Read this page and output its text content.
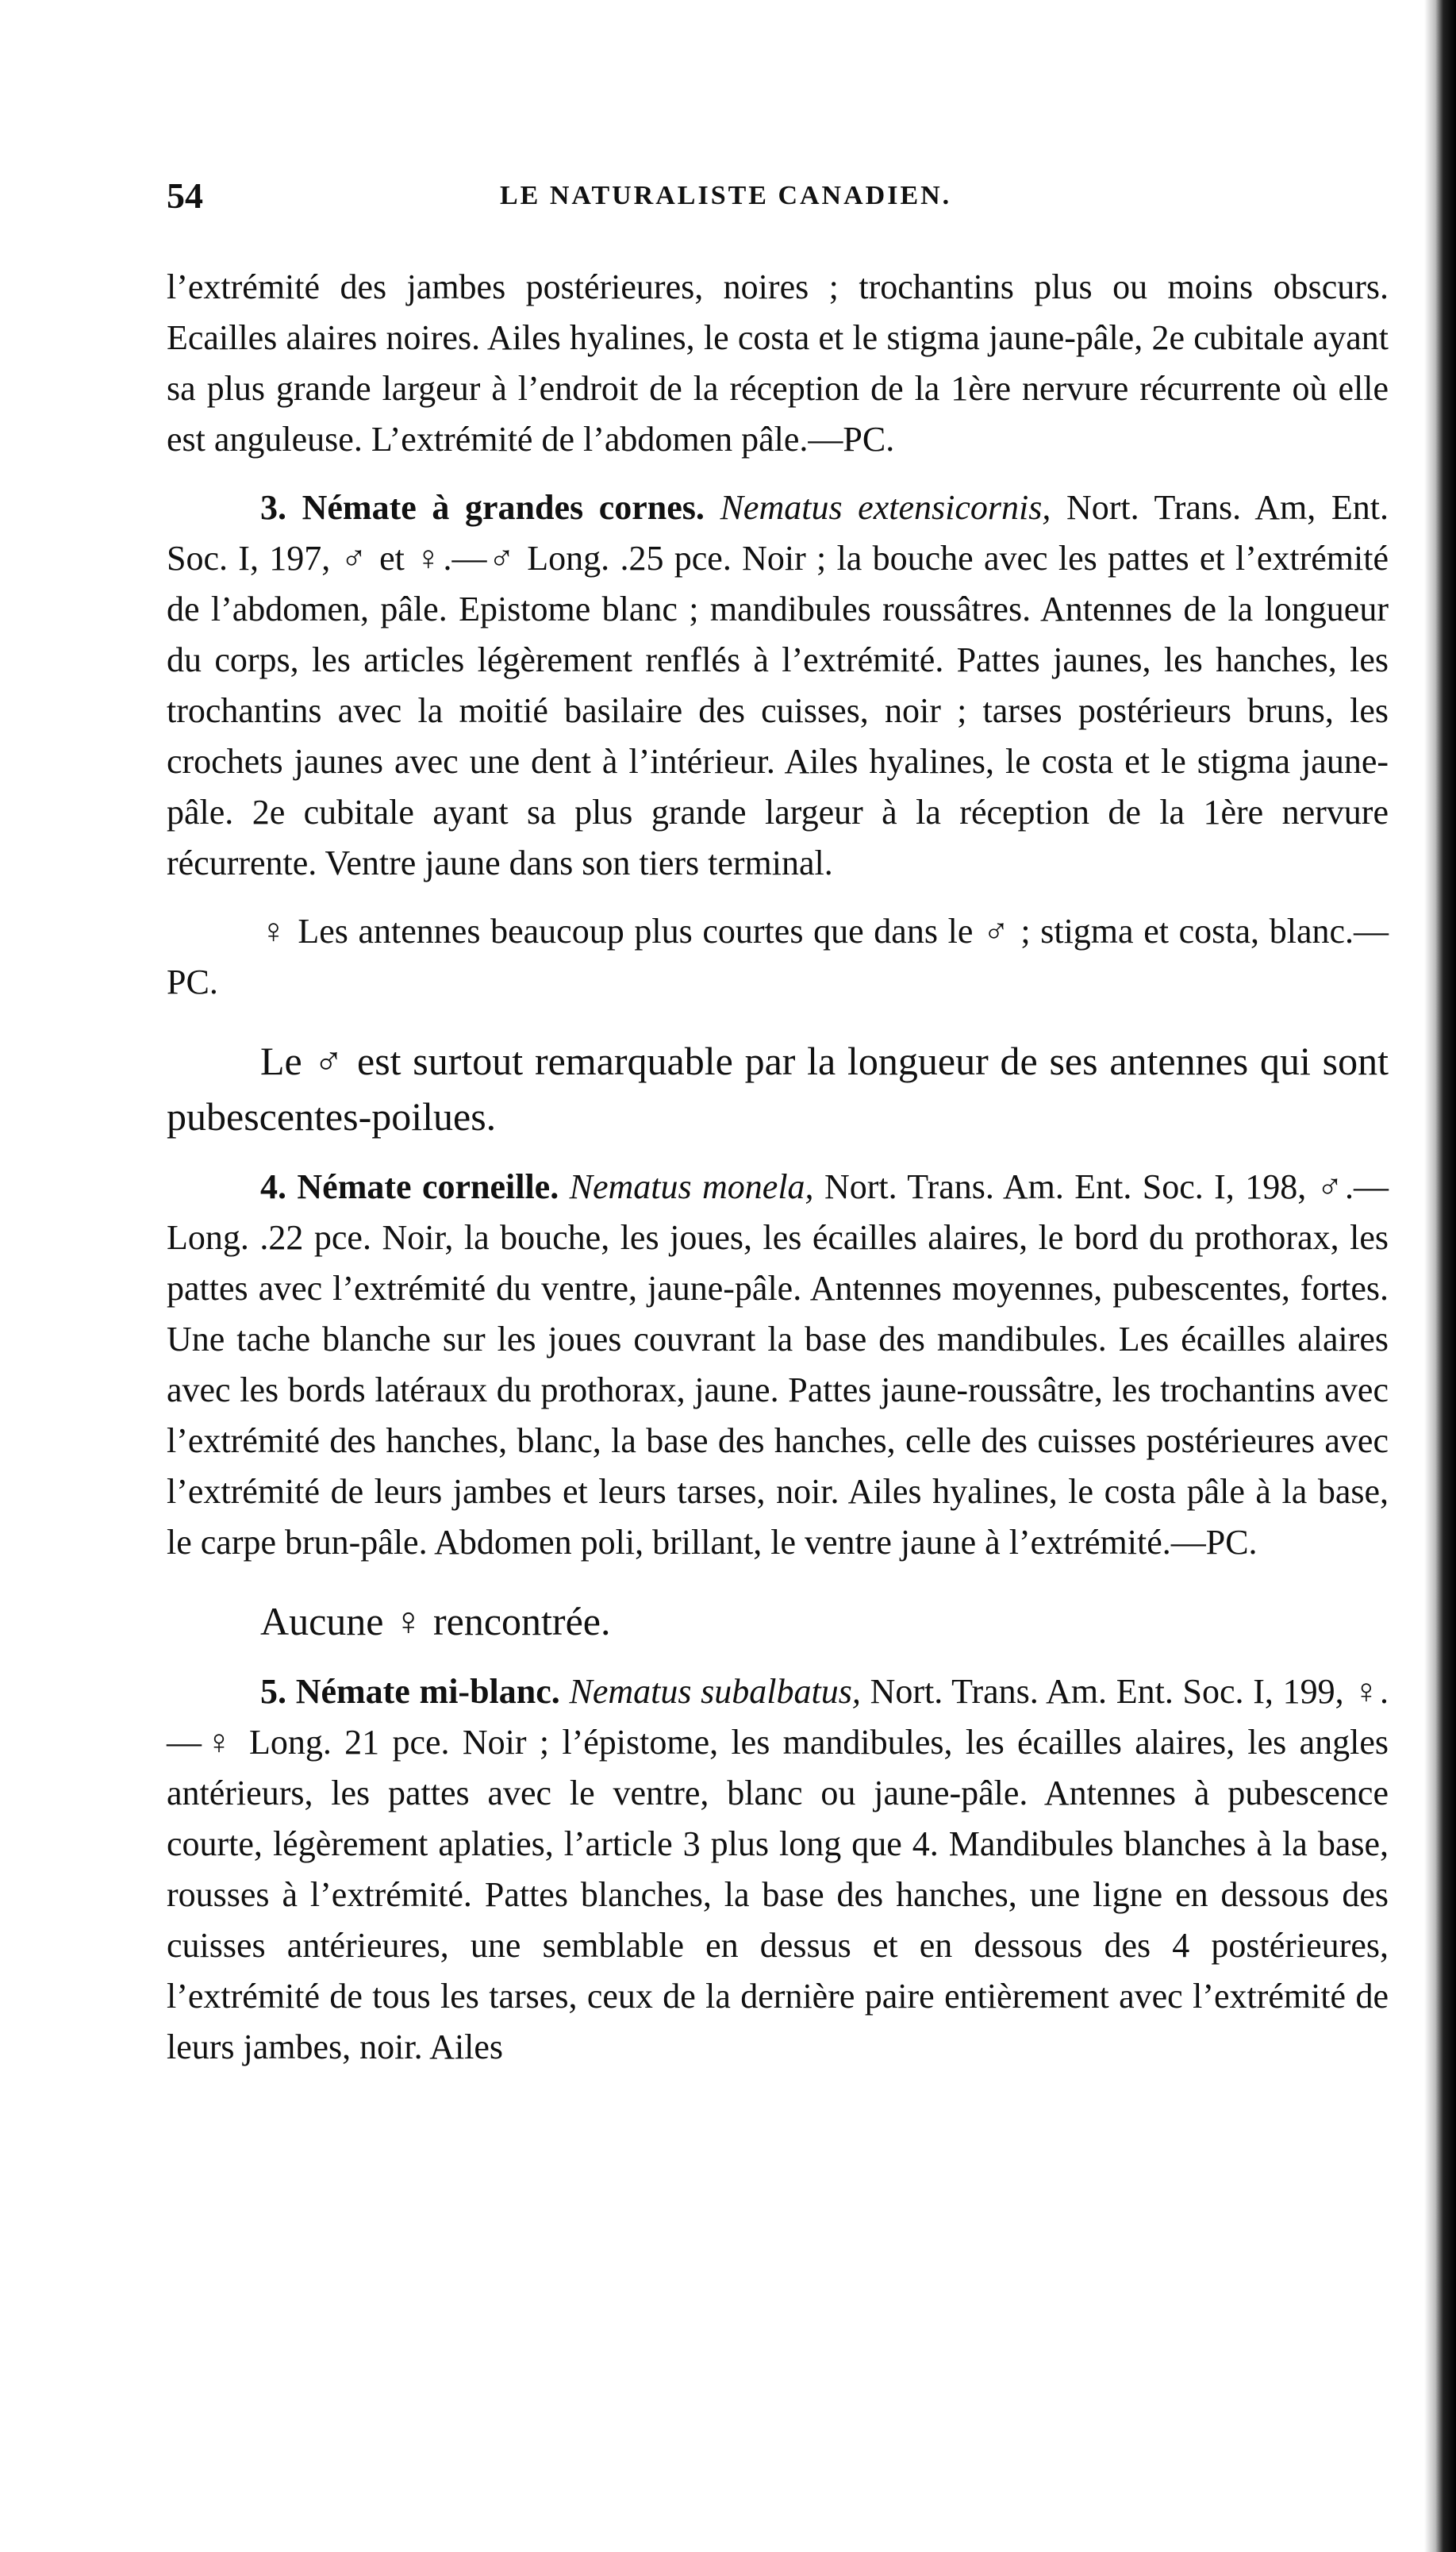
54	LE NATURALISTE CANADIEN.

l’extrémité des jambes postérieures, noires ; trochantins plus ou moins obscurs. Ecailles alaires noires. Ailes hyalines, le costa et le stigma jaune-pâle, 2e cubitale ayant sa plus grande largeur à l’endroit de la réception de la 1ère nervure récurrente où elle est anguleuse. L’extrémité de l’abdomen pâle.—PC.

3. Némate à grandes cornes. Nematus extensicornis, Nort. Trans. Am, Ent. Soc. I, 197, ♂ et ♀.—♂ Long. .25 pce. Noir ; la bouche avec les pattes et l’extrémité de l’abdomen, pâle. Epistome blanc ; mandibules roussâtres. Antennes de la longueur du corps, les articles légèrement renflés à l’extrémité. Pattes jaunes, les hanches, les trochantins avec la moitié basilaire des cuisses, noir ; tarses postérieurs bruns, les crochets jaunes avec une dent à l’intérieur. Ailes hyalines, le costa et le stigma jaune-pâle. 2e cubitale ayant sa plus grande largeur à la réception de la 1ère nervure récurrente. Ventre jaune dans son tiers terminal.

♀ Les antennes beaucoup plus courtes que dans le ♂ ; stigma et costa, blanc.—PC.

Le ♂ est surtout remarquable par la longueur de ses antennes qui sont pubescentes-poilues.

4. Némate corneille. Nematus monela, Nort. Trans. Am. Ent. Soc. I, 198, ♂.—Long. .22 pce. Noir, la bouche, les joues, les écailles alaires, le bord du prothorax, les pattes avec l’extrémité du ventre, jaune-pâle. Antennes moyennes, pubescentes, fortes. Une tache blanche sur les joues couvrant la base des mandibules. Les écailles alaires avec les bords latéraux du prothorax, jaune. Pattes jaune-roussâtre, les trochantins avec l’extrémité des hanches, blanc, la base des hanches, celle des cuisses postérieures avec l’extrémité de leurs jambes et leurs tarses, noir. Ailes hyalines, le costa pâle à la base, le carpe brun-pâle. Abdomen poli, brillant, le ventre jaune à l’extrémité.—PC.

Aucune ♀ rencontrée.

5. Némate mi-blanc. Nematus subalbatus, Nort. Trans. Am. Ent. Soc. I, 199, ♀.—♀ Long. 21 pce. Noir ; l’épistome, les mandibules, les écailles alaires, les angles antérieurs, les pattes avec le ventre, blanc ou jaune-pâle. Antennes à pubescence courte, légèrement aplaties, l’article 3 plus long que 4. Mandibules blanches à la base, rousses à l’extrémité. Pattes blanches, la base des hanches, une ligne en dessous des cuisses antérieures, une semblable en dessus et en dessous des 4 postérieures, l’extrémité de tous les tarses, ceux de la dernière paire entièrement avec l’extrémité de leurs jambes, noir. Ailes
